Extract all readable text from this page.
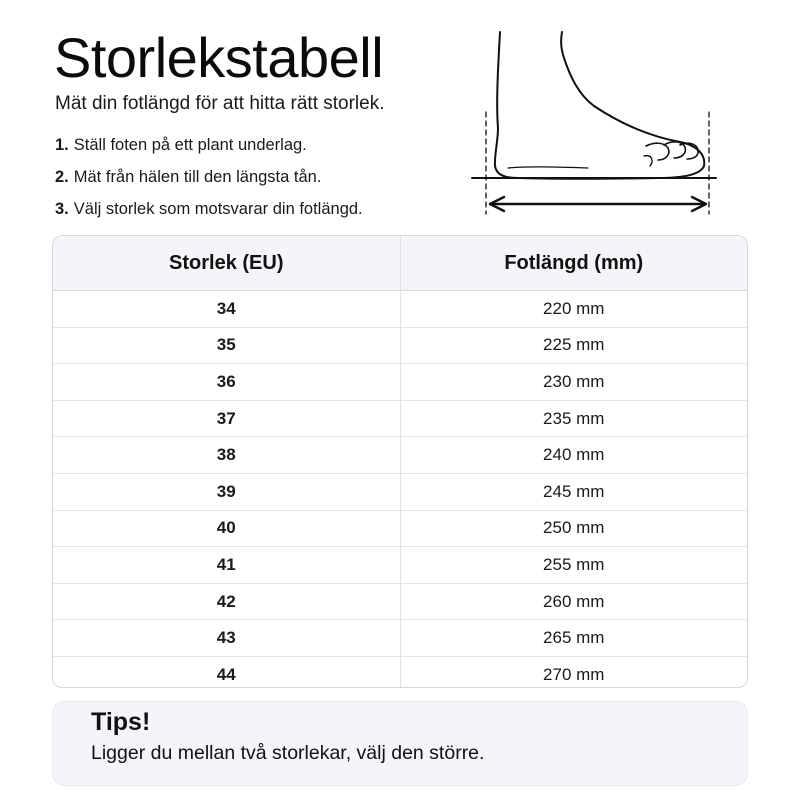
Storlekstabell
Mät din fotlängd för att hitta rätt storlek.
1. Ställ foten på ett plant underlag.
2. Mät från hälen till den längsta tån.
3. Välj storlek som motsvarar din fotlängd.
Storlek (EU)	Fotlängd (mm)
34	220 mm
35	225 mm
36	230 mm
37	235 mm
38	240 mm
39	245 mm
40	250 mm
41	255 mm
42	260 mm
43	265 mm
44	270 mm
Tips!
Ligger du mellan två storlekar, välj den större.
